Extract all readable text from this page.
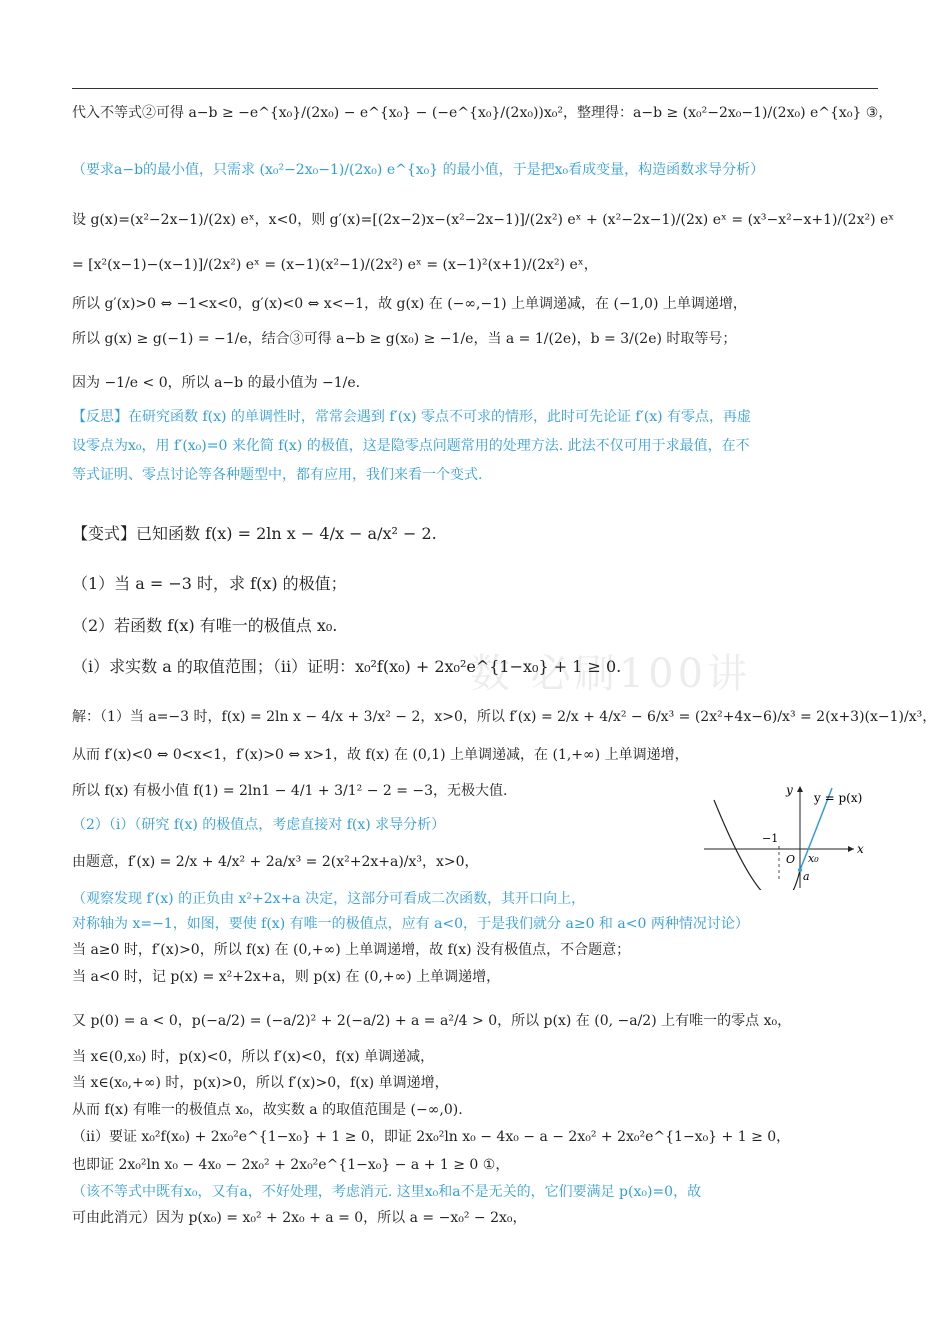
数 必刷100讲
代入不等式②可得 a−b ≥ −e^{x₀}/(2x₀) − e^{x₀} − (−e^{x₀}/(2x₀))x₀²，整理得：a−b ≥ (x₀²−2x₀−1)/(2x₀) e^{x₀} ③，
（要求a−b的最小值，只需求 (x₀²−2x₀−1)/(2x₀) e^{x₀} 的最小值，于是把x₀看成变量，构造函数求导分析）
设 g(x)=(x²−2x−1)/(2x) eˣ，x<0，则 g′(x)=[(2x−2)x−(x²−2x−1)]/(2x²) eˣ + (x²−2x−1)/(2x) eˣ = (x³−x²−x+1)/(2x²) eˣ
= [x²(x−1)−(x−1)]/(2x²) eˣ = (x−1)(x²−1)/(2x²) eˣ = (x−1)²(x+1)/(2x²) eˣ，
所以 g′(x)>0 ⇔ −1<x<0，g′(x)<0 ⇔ x<−1，故 g(x) 在 (−∞,−1) 上单调递减，在 (−1,0) 上单调递增，
所以 g(x) ≥ g(−1) = −1/e，结合③可得 a−b ≥ g(x₀) ≥ −1/e，当 a = 1/(2e)，b = 3/(2e) 时取等号；
因为 −1/e < 0，所以 a−b 的最小值为 −1/e.
【反思】在研究函数 f(x) 的单调性时，常常会遇到 f′(x) 零点不可求的情形，此时可先论证 f′(x) 有零点，再虚
设零点为x₀，用 f′(x₀)=0 来化简 f(x) 的极值，这是隐零点问题常用的处理方法. 此法不仅可用于求最值，在不
等式证明、零点讨论等各种题型中，都有应用，我们来看一个变式.
【变式】已知函数 f(x) = 2ln x − 4/x − a/x² − 2.
（1）当 a = −3 时，求 f(x) 的极值；
（2）若函数 f(x) 有唯一的极值点 x₀.
（i）求实数 a 的取值范围；（ii）证明：x₀²f(x₀) + 2x₀²e^{1−x₀} + 1 ≥ 0.
解：（1）当 a=−3 时，f(x) = 2ln x − 4/x + 3/x² − 2，x>0，所以 f′(x) = 2/x + 4/x² − 6/x³ = (2x²+4x−6)/x³ = 2(x+3)(x−1)/x³，
从而 f′(x)<0 ⇔ 0<x<1，f′(x)>0 ⇔ x>1，故 f(x) 在 (0,1) 上单调递减，在 (1,+∞) 上单调递增，
所以 f(x) 有极小值 f(1) = 2ln1 − 4/1 + 3/1² − 2 = −3，无极大值.
（2）（i）（研究 f(x) 的极值点，考虑直接对 f(x) 求导分析）
由题意，f′(x) = 2/x + 4/x² + 2a/x³ = 2(x²+2x+a)/x³，x>0，
（观察发现 f′(x) 的正负由 x²+2x+a 决定，这部分可看成二次函数，其开口向上，
对称轴为 x=−1，如图，要使 f(x) 有唯一的极值点，应有 a<0，于是我们就分 a≥0 和 a<0 两种情况讨论）
当 a≥0 时，f′(x)>0，所以 f(x) 在 (0,+∞) 上单调递增，故 f(x) 没有极值点，不合题意；
当 a<0 时，记 p(x) = x²+2x+a，则 p(x) 在 (0,+∞) 上单调递增，
又 p(0) = a < 0，p(−a/2) = (−a/2)² + 2(−a/2) + a = a²/4 > 0，所以 p(x) 在 (0, −a/2) 上有唯一的零点 x₀，
当 x∈(0,x₀) 时，p(x)<0，所以 f′(x)<0，f(x) 单调递减，
当 x∈(x₀,+∞) 时，p(x)>0，所以 f′(x)>0，f(x) 单调递增，
从而 f(x) 有唯一的极值点 x₀，故实数 a 的取值范围是 (−∞,0).
（ii）要证 x₀²f(x₀) + 2x₀²e^{1−x₀} + 1 ≥ 0，即证 2x₀²ln x₀ − 4x₀ − a − 2x₀² + 2x₀²e^{1−x₀} + 1 ≥ 0，
也即证 2x₀²ln x₀ − 4x₀ − 2x₀² + 2x₀²e^{1−x₀} − a + 1 ≥ 0 ①，
（该不等式中既有x₀，又有a，不好处理，考虑消元. 这里x₀和a不是无关的，它们要满足 p(x₀)=0，故
可由此消元）因为 p(x₀) = x₀² + 2x₀ + a = 0，所以 a = −x₀² − 2x₀，
y
y = p(x)
x
−1
O x₀
a
